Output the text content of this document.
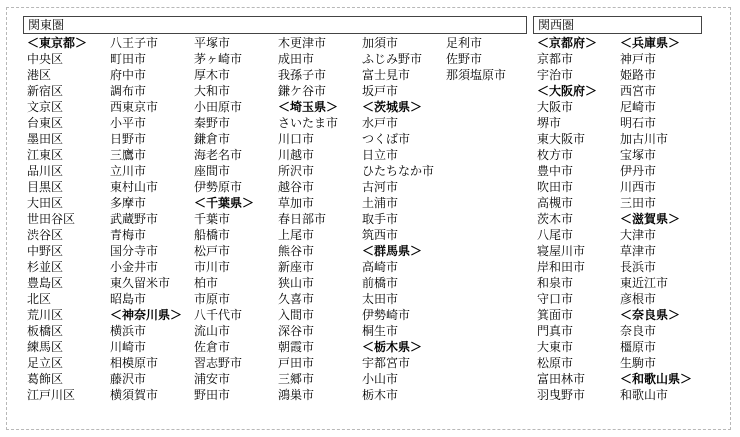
関東圏	関西圏
＜東京都＞
中央区
港区
新宿区
文京区
台東区
墨田区
江東区
品川区
目黒区
大田区
世田谷区
渋谷区
中野区
杉並区
豊島区
北区
荒川区
板橋区
練馬区
足立区
葛飾区
江戸川区
八王子市
町田市
府中市
調布市
西東京市
小平市
日野市
三鷹市
立川市
東村山市
多摩市
武蔵野市
青梅市
国分寺市
小金井市
東久留米市
昭島市
＜神奈川県＞
横浜市
川崎市
相模原市
藤沢市
横須賀市
平塚市
茅ヶ崎市
厚木市
大和市
小田原市
秦野市
鎌倉市
海老名市
座間市
伊勢原市
＜千葉県＞
千葉市
船橋市
松戸市
市川市
柏市
市原市
八千代市
流山市
佐倉市
習志野市
浦安市
野田市
木更津市
成田市
我孫子市
鎌ケ谷市
＜埼玉県＞
さいたま市
川口市
川越市
所沢市
越谷市
草加市
春日部市
上尾市
熊谷市
新座市
狭山市
久喜市
入間市
深谷市
朝霞市
戸田市
三郷市
鴻巣市
加須市
ふじみ野市
富士見市
坂戸市
＜茨城県＞
水戸市
つくば市
日立市
ひたちなか市
古河市
土浦市
取手市
筑西市
＜群馬県＞
高崎市
前橋市
太田市
伊勢崎市
桐生市
＜栃木県＞
宇都宮市
小山市
栃木市
足利市
佐野市
那須塩原市
＜京都府＞
京都市
宇治市
＜大阪府＞
大阪市
堺市
東大阪市
枚方市
豊中市
吹田市
高槻市
茨木市
八尾市
寝屋川市
岸和田市
和泉市
守口市
箕面市
門真市
大東市
松原市
富田林市
羽曳野市
＜兵庫県＞
神戸市
姫路市
西宮市
尼崎市
明石市
加古川市
宝塚市
伊丹市
川西市
三田市
＜滋賀県＞
大津市
草津市
長浜市
東近江市
彦根市
＜奈良県＞
奈良市
橿原市
生駒市
＜和歌山県＞
和歌山市
